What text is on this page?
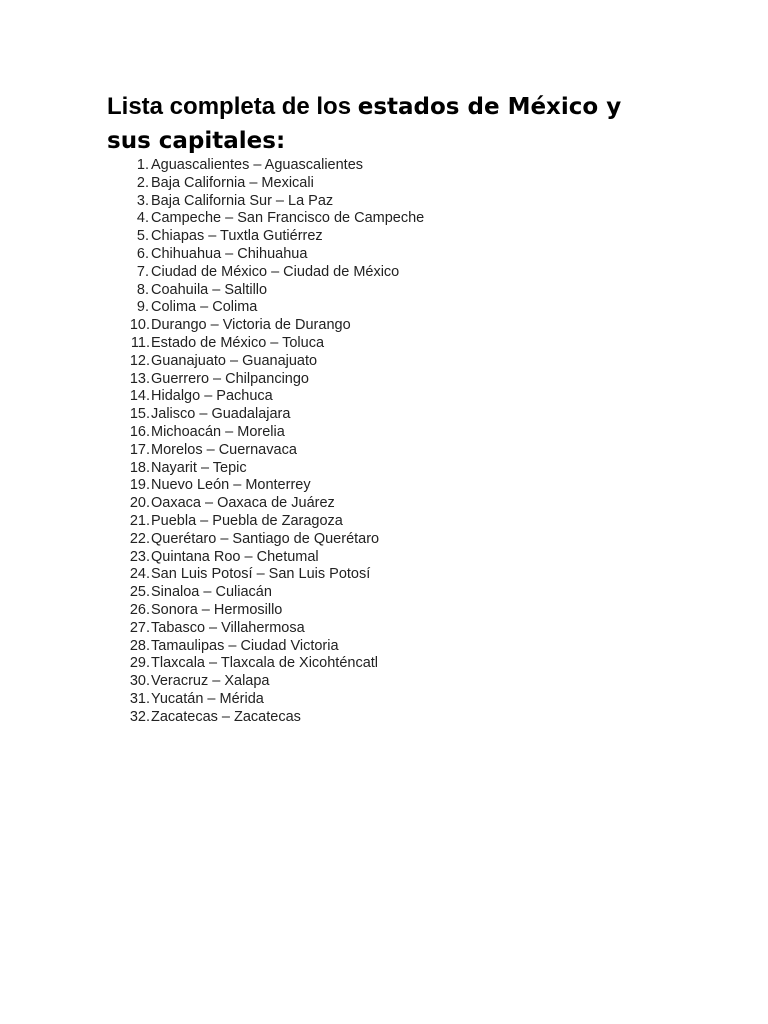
Lista completa de los estados de México y sus capitales:
1. Aguascalientes – Aguascalientes
2. Baja California – Mexicali
3. Baja California Sur – La Paz
4. Campeche – San Francisco de Campeche
5. Chiapas – Tuxtla Gutiérrez
6. Chihuahua – Chihuahua
7. Ciudad de México – Ciudad de México
8. Coahuila – Saltillo
9. Colima – Colima
10. Durango – Victoria de Durango
11. Estado de México – Toluca
12. Guanajuato – Guanajuato
13. Guerrero – Chilpancingo
14. Hidalgo – Pachuca
15. Jalisco – Guadalajara
16. Michoacán – Morelia
17. Morelos – Cuernavaca
18. Nayarit – Tepic
19. Nuevo León – Monterrey
20. Oaxaca – Oaxaca de Juárez
21. Puebla – Puebla de Zaragoza
22. Querétaro – Santiago de Querétaro
23. Quintana Roo – Chetumal
24. San Luis Potosí – San Luis Potosí
25. Sinaloa – Culiacán
26. Sonora – Hermosillo
27. Tabasco – Villahermosa
28. Tamaulipas – Ciudad Victoria
29. Tlaxcala – Tlaxcala de Xicohténcatl
30. Veracruz – Xalapa
31. Yucatán – Mérida
32. Zacatecas – Zacatecas
